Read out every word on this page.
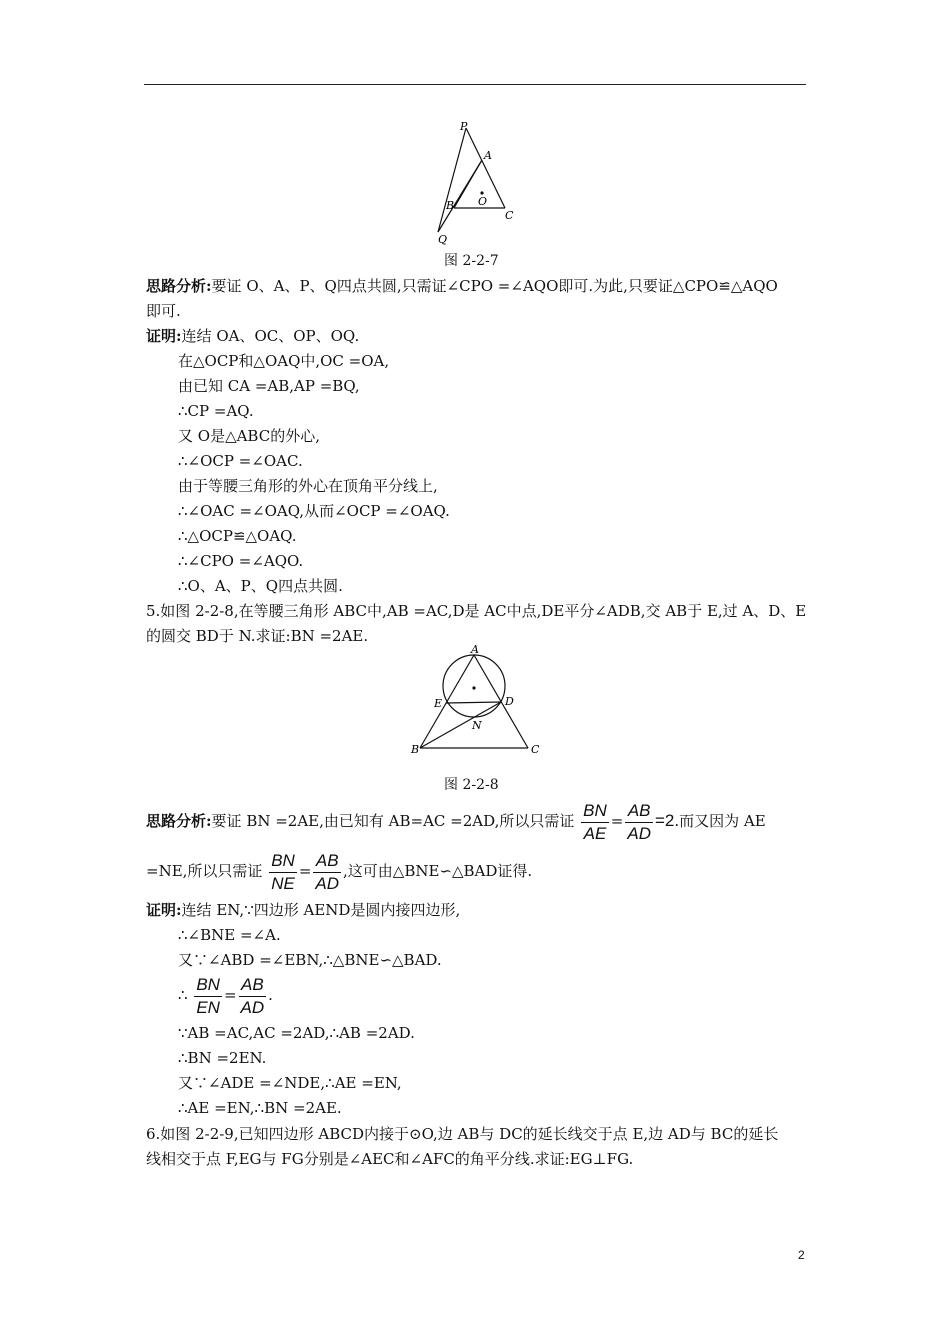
P
A
O
B
C
Q
图 2-2-7
思路分析:要证 O、A、P、Q四点共圆,只需证∠CPO =∠AQO即可.为此,只要证△CPO≌△AQO
即可.
证明:连结 OA、OC、OP、OQ.
在△OCP和△OAQ中,OC =OA,
由已知 CA =AB,AP =BQ,
∴CP =AQ.
又 O是△ABC的外心,
∴∠OCP =∠OAC.
由于等腰三角形的外心在顶角平分线上,
∴∠OAC =∠OAQ,从而∠OCP =∠OAQ.
∴△OCP≌△OAQ.
∴∠CPO =∠AQO.
∴O、A、P、Q四点共圆.
5.如图 2-2-8,在等腰三角形 ABC中,AB =AC,D是 AC中点,DE平分∠ADB,交 AB于 E,过 A、D、E
的圆交 BD于 N.求证:BN =2AE.
A
E	D
N
B	C
图 2-2-8
思路分析:要证 BN =2AE,由已知有 AB=AC =2AD,所以只需证 $\frac{BN}{AE} = \frac{AB}{AD} =2$.而又因为 AE
=NE,所以只需证 $\frac{BN}{NE} = \frac{AB}{AD}$ ,这可由△BNE∽△BAD证得.
证明:连结 EN,∵四边形 AEND是圆内接四边形,
∴∠BNE =∠A.
又∵∠ABD =∠EBN,∴△BNE∽△BAD.
∴ $\frac{BN}{EN} = \frac{AB}{AD}$ .
∵AB =AC,AC =2AD,∴AB =2AD.
∴BN =2EN.
又∵∠ADE =∠NDE,∴AE =EN,
∴AE =EN,∴BN =2AE.
6.如图 2-2-9,已知四边形 ABCD内接于⊙O,边 AB与 DC的延长线交于点 E,边 AD与 BC的延长
线相交于点 F,EG与 FG分别是∠AEC和∠AFC的角平分线.求证:EG⊥FG.
2
